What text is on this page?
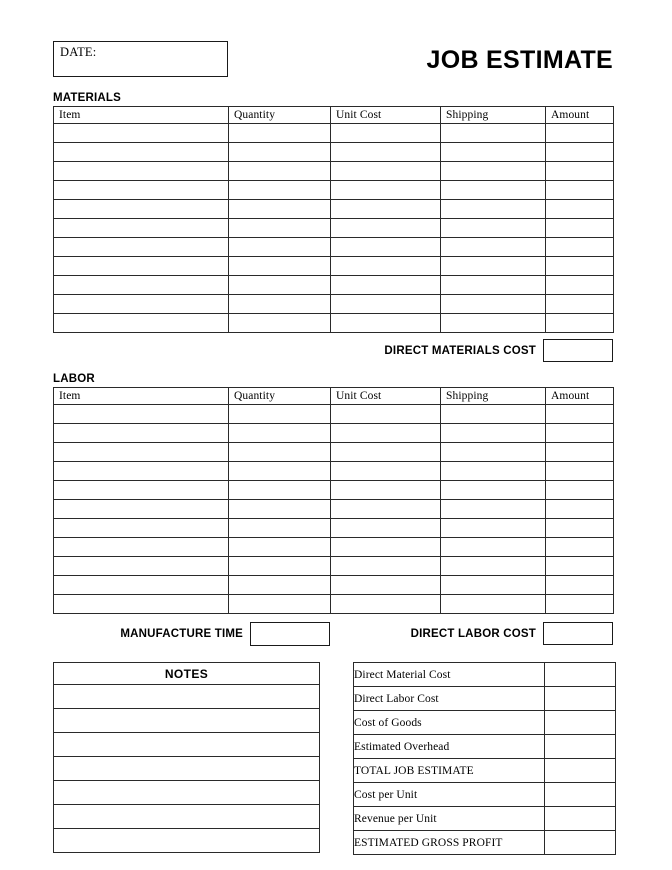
DATE:	JOB ESTIMATE
MATERIALS
Item	Quantity	Unit Cost	Shipping	Amount

DIRECT MATERIALS COST
LABOR
Item	Quantity	Unit Cost	Shipping	Amount

MANUFACTURE TIME	DIRECT LABOR COST
NOTES	Direct Material Cost	
Direct Labor Cost	
Cost of Goods	
Estimated Overhead	
TOTAL JOB ESTIMATE	
Cost per Unit	
Revenue per Unit	
ESTIMATED GROSS PROFIT	
